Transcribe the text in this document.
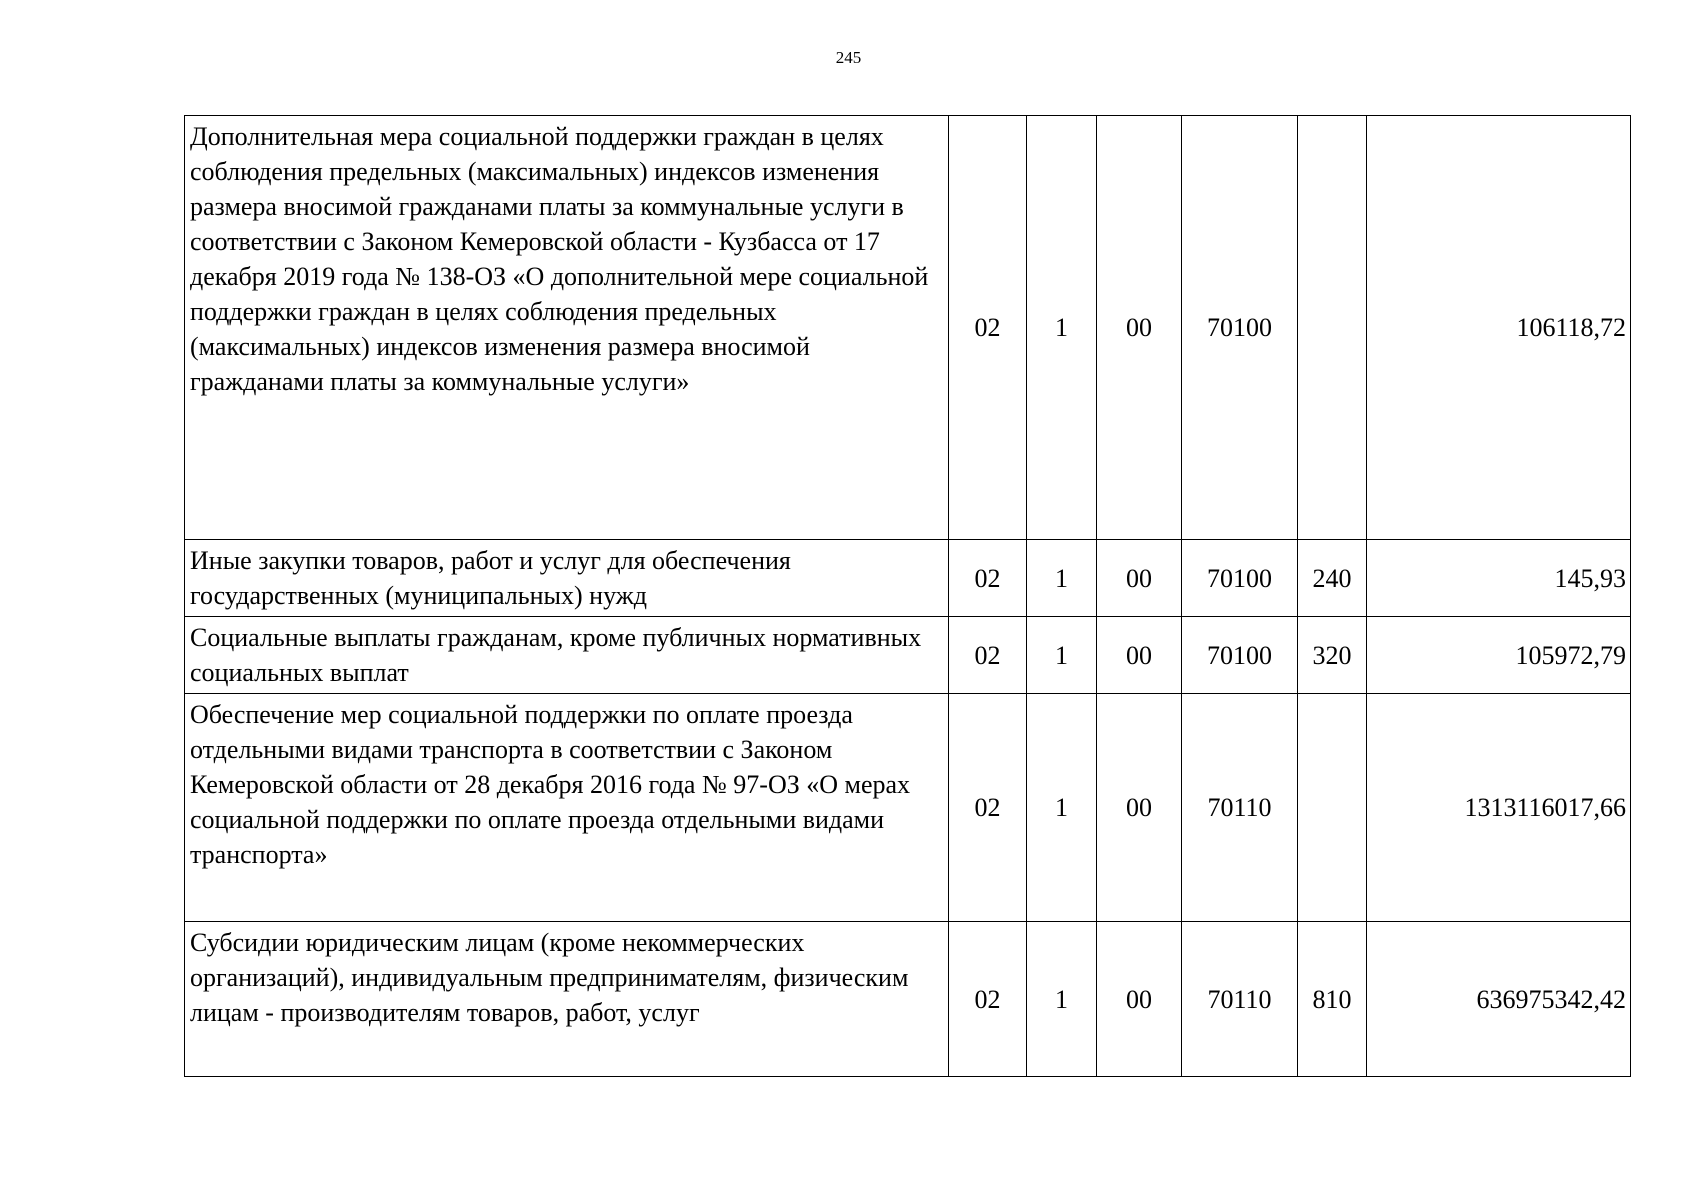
245
Дополнительная мера социальной поддержки граждан в целях соблюдения предельных (максимальных) индексов изменения размера вносимой гражданами платы за коммунальные услуги в соответствии с Законом Кемеровской области - Кузбасса от 17 декабря 2019 года № 138-ОЗ «О дополнительной мере социальной поддержки граждан в целях соблюдения предельных (максимальных) индексов изменения размера вносимой гражданами платы за коммунальные услуги»	02	1	00	70100		106118,72
Иные закупки товаров, работ и услуг для обеспечения государственных (муниципальных) нужд	02	1	00	70100	240	145,93
Социальные выплаты гражданам, кроме публичных нормативных социальных выплат	02	1	00	70100	320	105972,79
Обеспечение мер социальной поддержки по оплате проезда отдельными видами транспорта в соответствии с Законом Кемеровской области от 28 декабря 2016 года № 97-ОЗ «О мерах социальной поддержки по оплате проезда отдельными видами транспорта»	02	1	00	70110		1313116017,66
Субсидии юридическим лицам (кроме некоммерческих организаций), индивидуальным предпринимателям, физическим лицам - производителям товаров, работ, услуг	02	1	00	70110	810	636975342,42
